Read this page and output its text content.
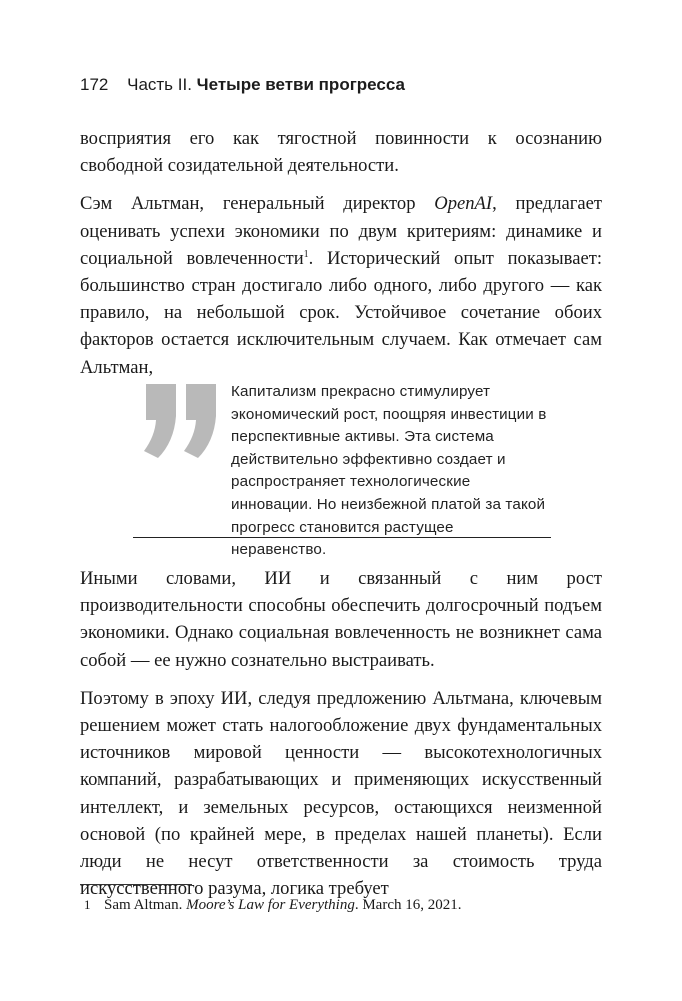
172 Часть II. Четыре ветви прогресса

восприятия его как тягостной повинности к осознанию свободной созидательной деятельности.

Сэм Альтман, генеральный директор OpenAI, предлагает оценивать успехи экономики по двум критериям: динамике и социальной вовлеченности$^1$. Исторический опыт показывает: большинство стран достигало либо одного, либо другого — как правило, на небольшой срок. Устойчивое сочетание обоих факторов остается исключительным случаем. Как отмечает сам Альтман,

Капитализм прекрасно стимулирует экономический рост, поощряя инвестиции в перспективные активы. Эта система действительно эффективно создает и распространяет технологические инновации. Но неизбежной платой за такой прогресс становится растущее неравенство.

Иными словами, ИИ и связанный с ним рост производительности способны обеспечить долгосрочный подъем экономики. Однако социальная вовлеченность не возникнет сама собой — ее нужно сознательно выстраивать.

Поэтому в эпоху ИИ, следуя предложению Альтмана, ключевым решением может стать налогообложение двух фундаментальных источников мировой ценности — высокотехнологичных компаний, разрабатывающих и применяющих искусственный интеллект, и земельных ресурсов, остающихся неизменной основой (по крайней мере, в пределах нашей планеты). Если люди не несут ответственности за стоимость труда искусственного разума, логика требует

1 Sam Altman. Moore’s Law for Everything. March 16, 2021.
